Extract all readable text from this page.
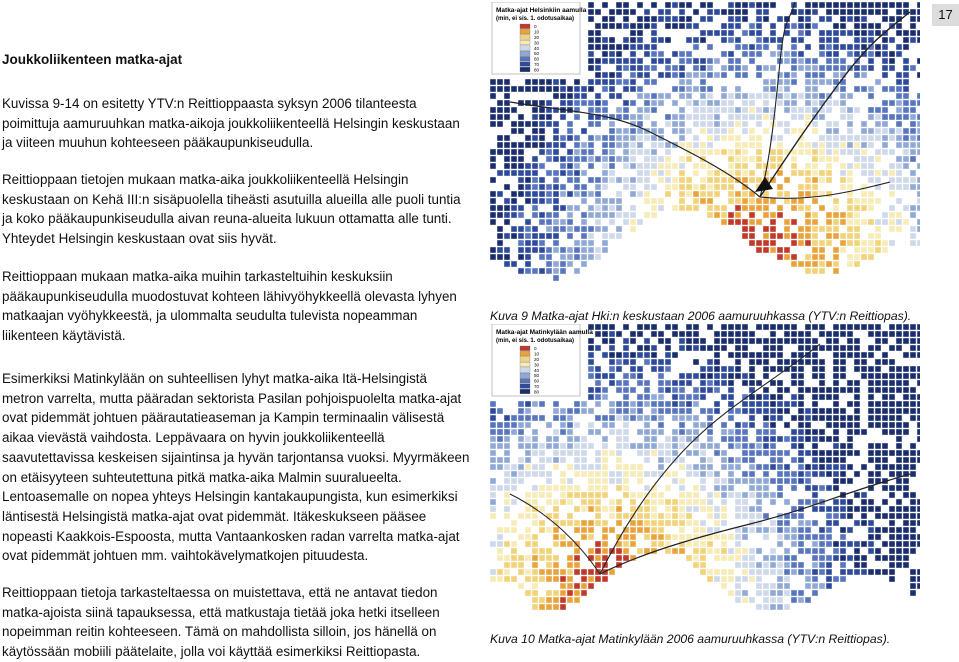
17
Joukkoliikenteen matka-ajat

Kuvissa 9-14 on esitetty YTV:n Reittioppaasta syksyn 2006 tilanteesta poimittuja aamuruuhkan matka-aikoja joukkoliikenteellä Helsingin keskustaan ja viiteen muuhun kohteeseen pääkaupunkiseudulla.

Reittioppaan tietojen mukaan matka-aika joukkoliikenteellä Helsingin keskustaan on Kehä III:n sisäpuolella tiheästi asutuilla alueilla alle puoli tuntia ja koko pääkaupunkiseudulla aivan reuna-alueita lukuun ottamatta alle tunti. Yhteydet Helsingin keskustaan ovat siis hyvät.

Reittioppaan mukaan matka-aika muihin tarkasteltuihin keskuksiin pääkaupunkiseudulla muodostuvat kohteen lähivyöhykkeellä olevasta lyhyen matkaajan vyöhykkeestä, ja ulommalta seudulta tulevista nopeamman liikenteen käytävistä.

Esimerkiksi Matinkylään on suhteellisen lyhyt matka-aika Itä-Helsingistä metron varrelta, mutta pääradan sektorista Pasilan pohjoispuolelta matka-ajat ovat pidemmät johtuen päärautatieaseman ja Kampin terminaalin välisestä aikaa vievästä vaihdosta. Leppävaara on hyvin joukkoliikenteellä saavutettavissa keskeisen sijaintinsa ja hyvän tarjontansa vuoksi. Myyrmäkeen on etäisyyteen suhteutettuna pitkä matka-aika Malmin suuralueelta. Lentoasemalle on nopea yhteys Helsingin kantakaupungista, kun esimerkiksi läntisestä Helsingistä matka-ajat ovat pidemmät. Itäkeskukseen pääsee nopeasti Kaakkois-Espoosta, mutta Vantaankosken radan varrelta matka-ajat ovat pidemmät johtuen mm. vaihtokävelymatkojen pituudesta.

Reittioppaan tietoja tarkasteltaessa on muistettava, että ne antavat tiedon matka-ajoista siinä tapauksessa, että matkustaja tietää joka hetki itselleen nopeimman reitin kohteeseen. Tämä on mahdollista silloin, jos hänellä on käytössään mobiili päätelaite, jolla voi käyttää esimerkiksi Reittiopasta.

Matka-ajat Helsinkiin aamulla
(min, ei sis. 1. odotusaikaa)
0
10
20
30
40
50
60
70
80

Kuva 9 Matka-ajat Hki:n keskustaan 2006 aamuruuhkassa (YTV:n Reittiopas).

Matka-ajat Matinkylään aamulla
(min, ei sis. 1. odotusaikaa)
0
10
20
30
40
50
60
70
80

Kuva 10 Matka-ajat Matinkylään 2006 aamuruuhkassa (YTV:n Reittiopas).
